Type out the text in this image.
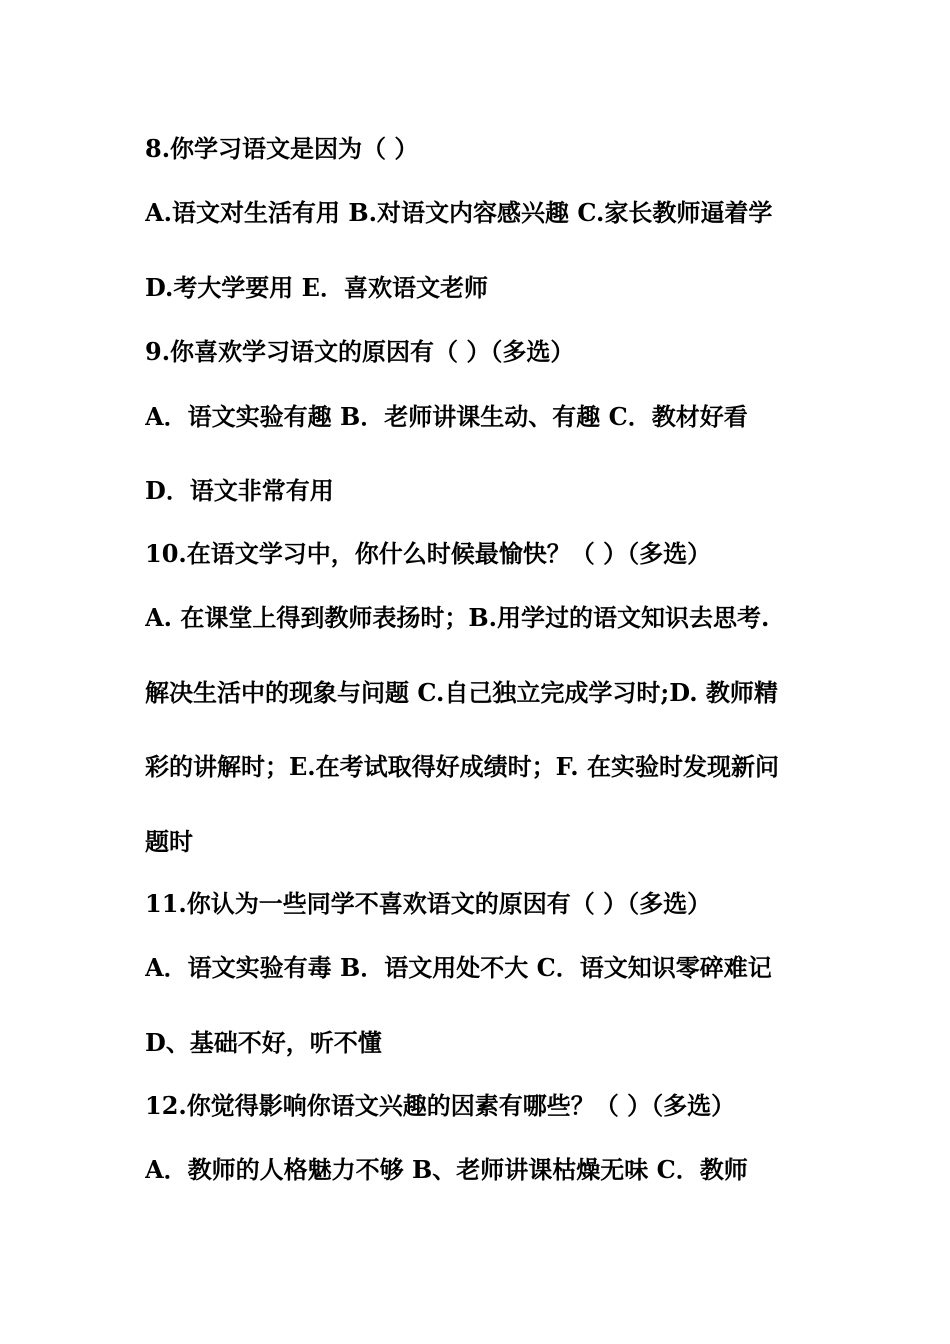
8.你学习语文是因为（ ）
A.语文对生活有用 B.对语文内容感兴趣 C.家长教师逼着学
D.考大学要用 E．喜欢语文老师
9.你喜欢学习语文的原因有（ ）（多选）
A．语文实验有趣 B．老师讲课生动、有趣 C．教材好看
D．语文非常有用
10.在语文学习中，你什么时候最愉快？（ ）（多选）
A. 在课堂上得到教师表扬时；B.用学过的语文知识去思考.
解决生活中的现象与问题 C.自己独立完成学习时;D. 教师精
彩的讲解时；E.在考试取得好成绩时；F. 在实验时发现新问
题时
11.你认为一些同学不喜欢语文的原因有（ ）（多选）
A．语文实验有毒 B．语文用处不大 C．语文知识零碎难记
D、基础不好，听不懂
12.你觉得影响你语文兴趣的因素有哪些？（ ）（多选）
A．教师的人格魅力不够 B、老师讲课枯燥无味 C．教师
